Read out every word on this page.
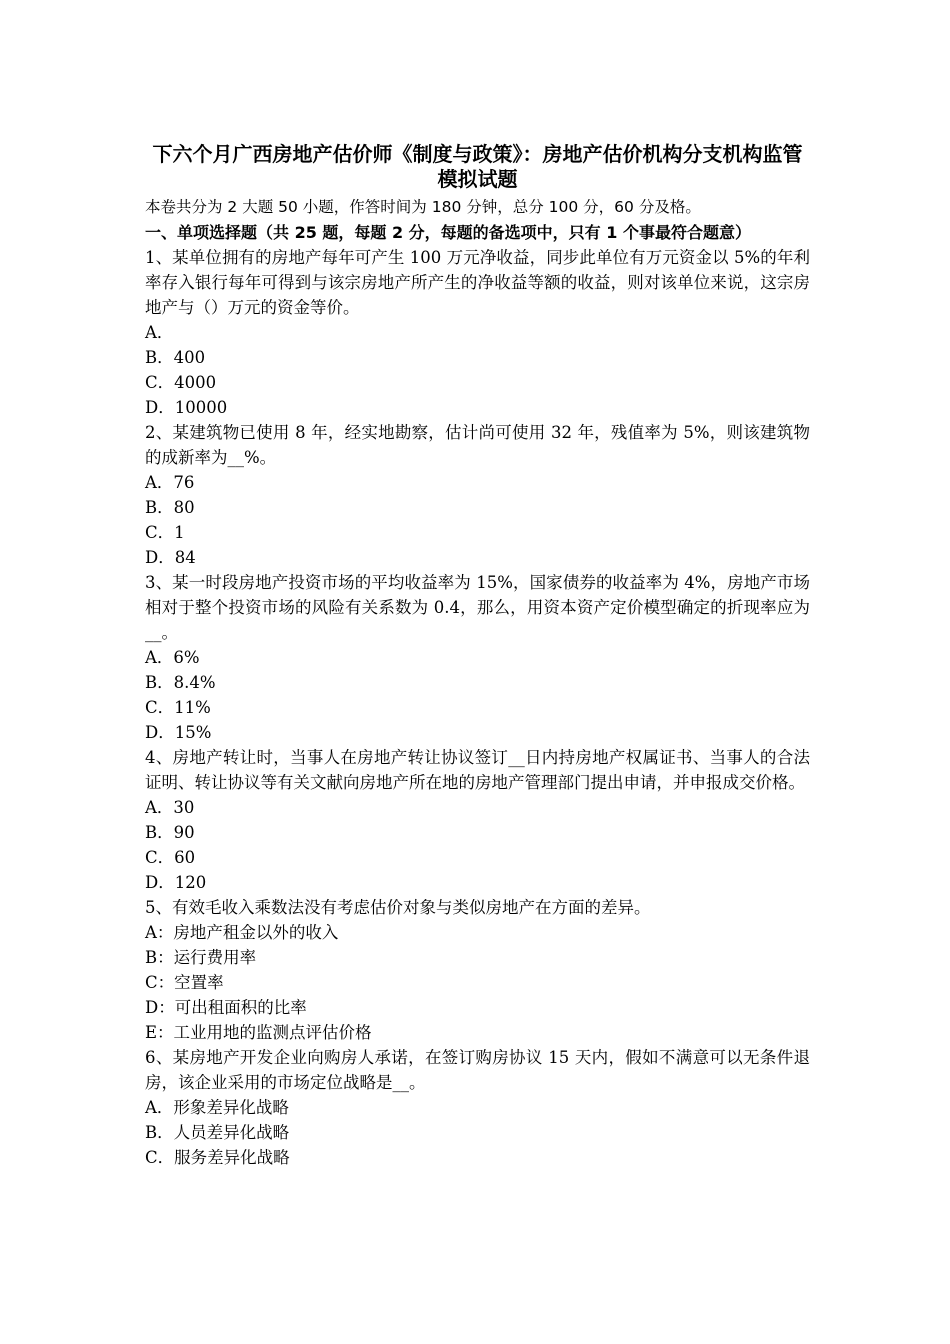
下六个月广西房地产估价师《制度与政策》：房地产估价机构分支机构监管模拟试题
本卷共分为 2 大题 50 小题，作答时间为 180 分钟，总分 100 分，60 分及格。
一、单项选择题（共 25 题，每题 2 分，每题的备选项中，只有 1 个事最符合题意）
1、某单位拥有的房地产每年可产生 100 万元净收益，同步此单位有万元资金以 5%的年利率存入银行每年可得到与该宗房地产所产生的净收益等额的收益，则对该单位来说，这宗房地产与（）万元的资金等价。
A．
B．400
C．4000
D．10000
2、某建筑物已使用 8 年，经实地勘察，估计尚可使用 32 年，残值率为 5%，则该建筑物的成新率为__%。
A．76
B．80
C．1
D．84
3、某一时段房地产投资市场的平均收益率为 15%，国家债券的收益率为 4%，房地产市场相对于整个投资市场的风险有关系数为 0.4，那么，用资本资产定价模型确定的折现率应为__。
A．6%
B．8.4%
C．11%
D．15%
4、房地产转让时，当事人在房地产转让协议签订__日内持房地产权属证书、当事人的合法证明、转让协议等有关文献向房地产所在地的房地产管理部门提出申请，并申报成交价格。
A．30
B．90
C．60
D．120
5、有效毛收入乘数法没有考虑估价对象与类似房地产在方面的差异。
A：房地产租金以外的收入
B：运行费用率
C：空置率
D：可出租面积的比率
E：工业用地的监测点评估价格
6、某房地产开发企业向购房人承诺，在签订购房协议 15 天内，假如不满意可以无条件退房，该企业采用的市场定位战略是__。
A．形象差异化战略
B．人员差异化战略
C．服务差异化战略
